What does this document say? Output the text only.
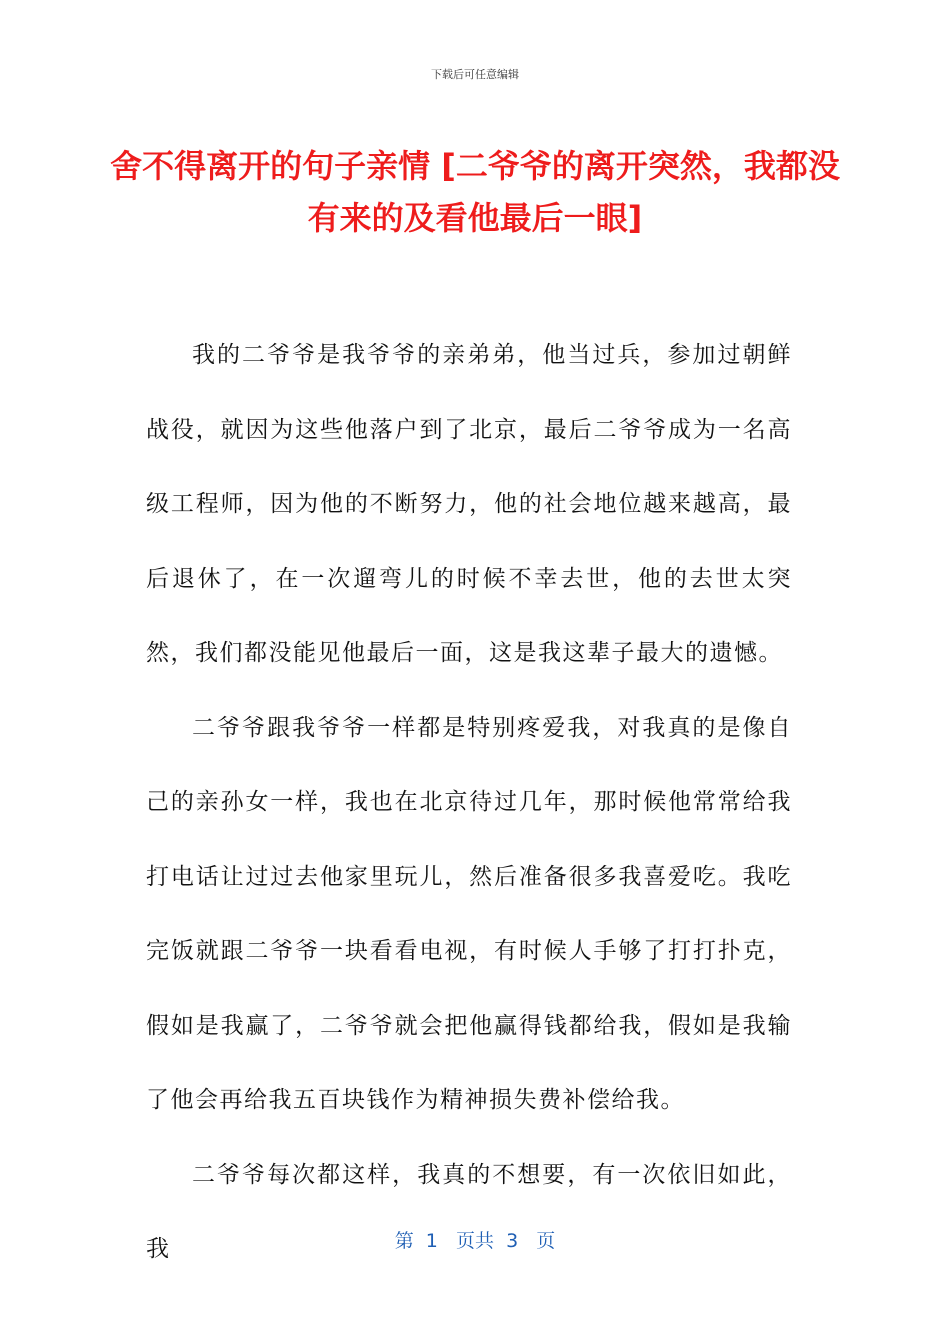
下载后可任意编辑
舍不得离开的句子亲情 [二爷爷的离开突然，我都没有来的及看他最后一眼]

我的二爷爷是我爷爷的亲弟弟，他当过兵，参加过朝鲜战役，就因为这些他落户到了北京，最后二爷爷成为一名高级工程师，因为他的不断努力，他的社会地位越来越高，最后退休了，在一次遛弯儿的时候不幸去世，他的去世太突然，我们都没能见他最后一面，这是我这辈子最大的遗憾。

二爷爷跟我爷爷一样都是特别疼爱我，对我真的是像自己的亲孙女一样，我也在北京待过几年，那时候他常常给我打电话让过过去他家里玩儿，然后准备很多我喜爱吃。我吃完饭就跟二爷爷一块看看电视，有时候人手够了打打扑克，假如是我赢了，二爷爷就会把他赢得钱都给我，假如是我输了他会再给我五百块钱作为精神损失费补偿给我。

二爷爷每次都这样，我真的不想要，有一次依旧如此，我	第  1   页共  3   页
